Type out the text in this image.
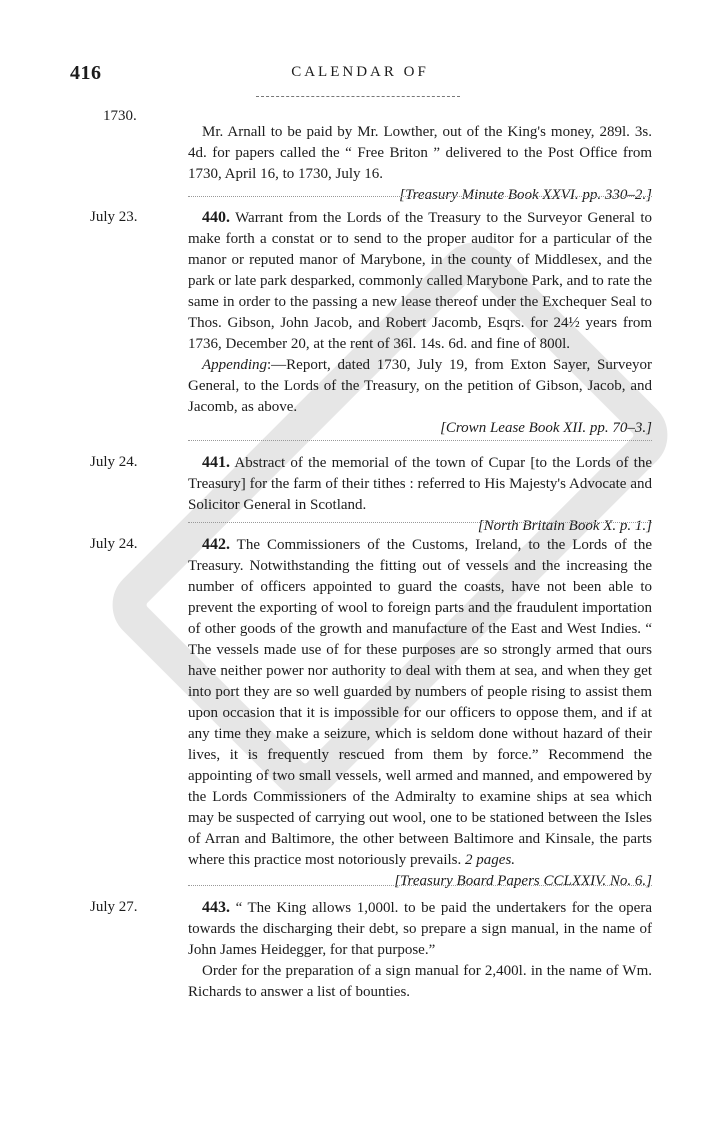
416	CALENDAR OF
1730.

Mr. Arnall to be paid by Mr. Lowther, out of the King's money, 289l. 3s. 4d. for papers called the “ Free Briton ” delivered to the Post Office from 1730, April 16, to 1730, July 16.

[Treasury Minute Book XXVI. pp. 330–2.]

July 23.	440. Warrant from the Lords of the Treasury to the Surveyor General to make forth a constat or to send to the proper auditor for a particular of the manor or reputed manor of Marybone, in the county of Middlesex, and the park or late park desparked, commonly called Marybone Park, and to rate the same in order to the passing a new lease thereof under the Exchequer Seal to Thos. Gibson, John Jacob, and Robert Jacomb, Esqrs. for 24½ years from 1736, December 20, at the rent of 36l. 14s. 6d. and fine of 800l.

Appending:—Report, dated 1730, July 19, from Exton Sayer, Surveyor General, to the Lords of the Treasury, on the petition of Gibson, Jacob, and Jacomb, as above.

[Crown Lease Book XII. pp. 70–3.]

July 24.	441. Abstract of the memorial of the town of Cupar [to the Lords of the Treasury] for the farm of their tithes : referred to His Majesty's Advocate and Solicitor General in Scotland.

[North Britain Book X. p. 1.]

July 24.	442. The Commissioners of the Customs, Ireland, to the Lords of the Treasury. Notwithstanding the fitting out of vessels and the increasing the number of officers appointed to guard the coasts, have not been able to prevent the exporting of wool to foreign parts and the fraudulent importation of other goods of the growth and manufacture of the East and West Indies. “ The vessels made use of for these purposes are so strongly armed that ours have neither power nor authority to deal with them at sea, and when they get into port they are so well guarded by numbers of people rising to assist them upon occasion that it is impossible for our officers to oppose them, and if at any time they make a seizure, which is seldom done without hazard of their lives, it is frequently rescued from them by force.” Recommend the appointing of two small vessels, well armed and manned, and empowered by the Lords Commissioners of the Admiralty to examine ships at sea which may be suspected of carrying out wool, one to be stationed between the Isles of Arran and Baltimore, the other between Baltimore and Kinsale, the parts where this practice most notoriously prevails. 2 pages.

[Treasury Board Papers CCLXXIV. No. 6.]

July 27.	443. “ The King allows 1,000l. to be paid the undertakers for the opera towards the discharging their debt, so prepare a sign manual, in the name of John James Heidegger, for that purpose.”

Order for the preparation of a sign manual for 2,400l. in the name of Wm. Richards to answer a list of bounties.
